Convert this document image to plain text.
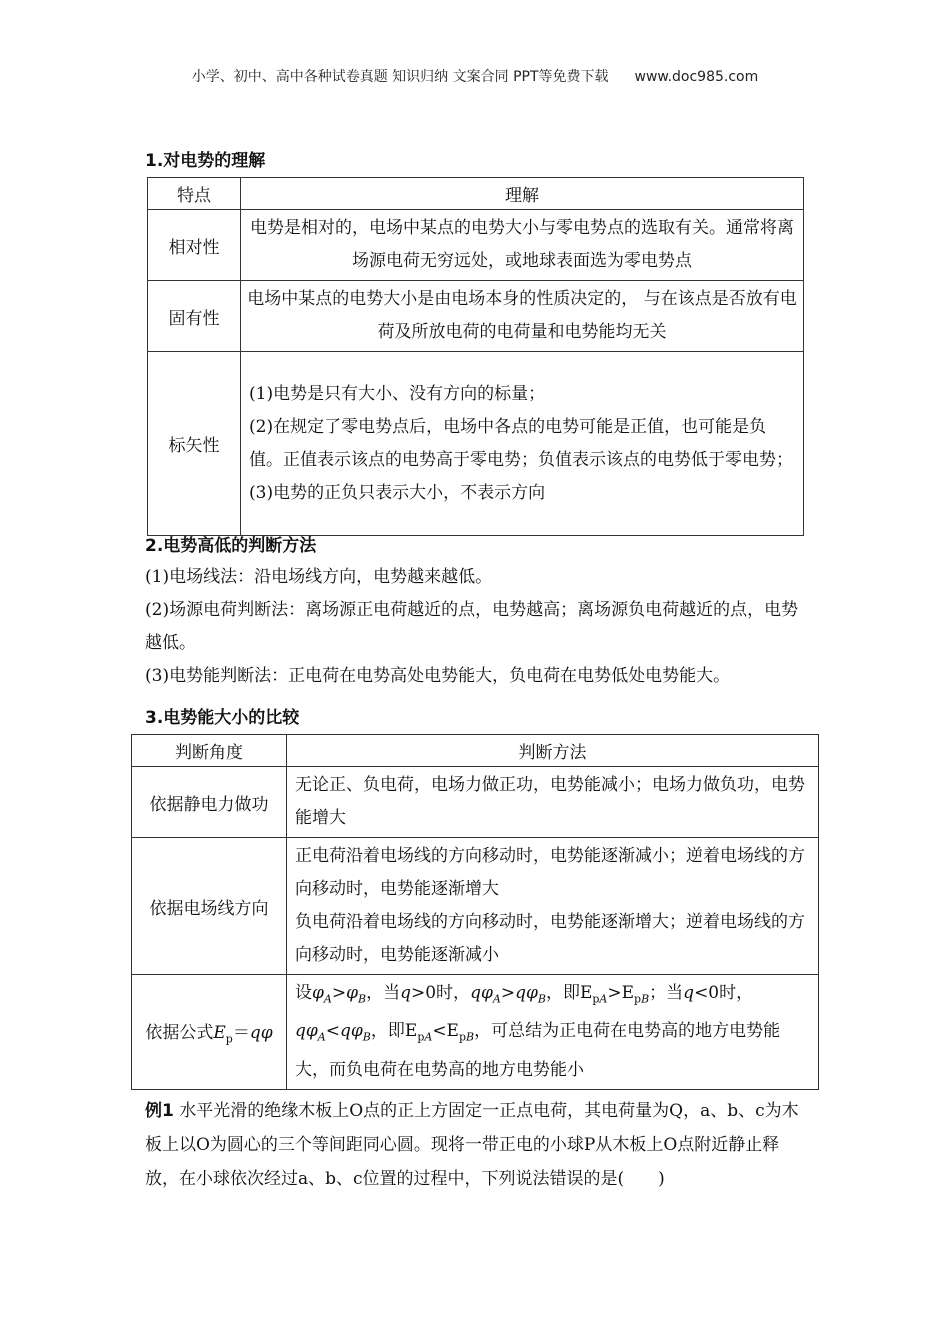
小学、初中、高中各种试卷真题 知识归纳 文案合同 PPT等免费下载 www.doc985.com
1.对电势的理解
特点	理解
相对性	电势是相对的，电场中某点的电势大小与零电势点的选取有关。通常将离场源电荷无穷远处，或地球表面选为零电势点
固有性	电场中某点的电势大小是由电场本身的性质决定的， 与在该点是否放有电荷及所放电荷的电荷量和电势能均无关
标矢性	(1)电势是只有大小、没有方向的标量；
(2)在规定了零电势点后，电场中各点的电势可能是正值，也可能是负值。正值表示该点的电势高于零电势；负值表示该点的电势低于零电势；
(3)电势的正负只表示大小，不表示方向
2.电势高低的判断方法
(1)电场线法：沿电场线方向，电势越来越低。
(2)场源电荷判断法：离场源正电荷越近的点，电势越高；离场源负电荷越近的点，电势越低。
(3)电势能判断法：正电荷在电势高处电势能大，负电荷在电势低处电势能大。
3.电势能大小的比较
判断角度	判断方法
依据静电力做功	无论正、负电荷，电场力做正功，电势能减小；电场力做负功，电势能增大
依据电场线方向	正电荷沿着电场线的方向移动时，电势能逐渐减小；逆着电场线的方向移动时，电势能逐渐增大
负电荷沿着电场线的方向移动时，电势能逐渐增大；逆着电场线的方向移动时，电势能逐渐减小

依据公式$E_p=q\varphi$	设$\varphi_A>\varphi_B$，当q>0时，$q\varphi_A>q\varphi_B$，即$E_{pA}>E_{pB}$；当q<0时，$q\varphi_A<q\varphi_B$，即$E_{pA}<E_{pB}$，可总结为正电荷在电势高的地方电势能大，而负电荷在电势高的地方电势能小
例1 水平光滑的绝缘木板上O点的正上方固定一正点电荷，其电荷量为Q，a、b、c为木板上以O为圆心的三个等间距同心圆。现将一带正电的小球P从木板上O点附近静止释放，在小球依次经过a、b、c位置的过程中，下列说法错误的是(　　)
